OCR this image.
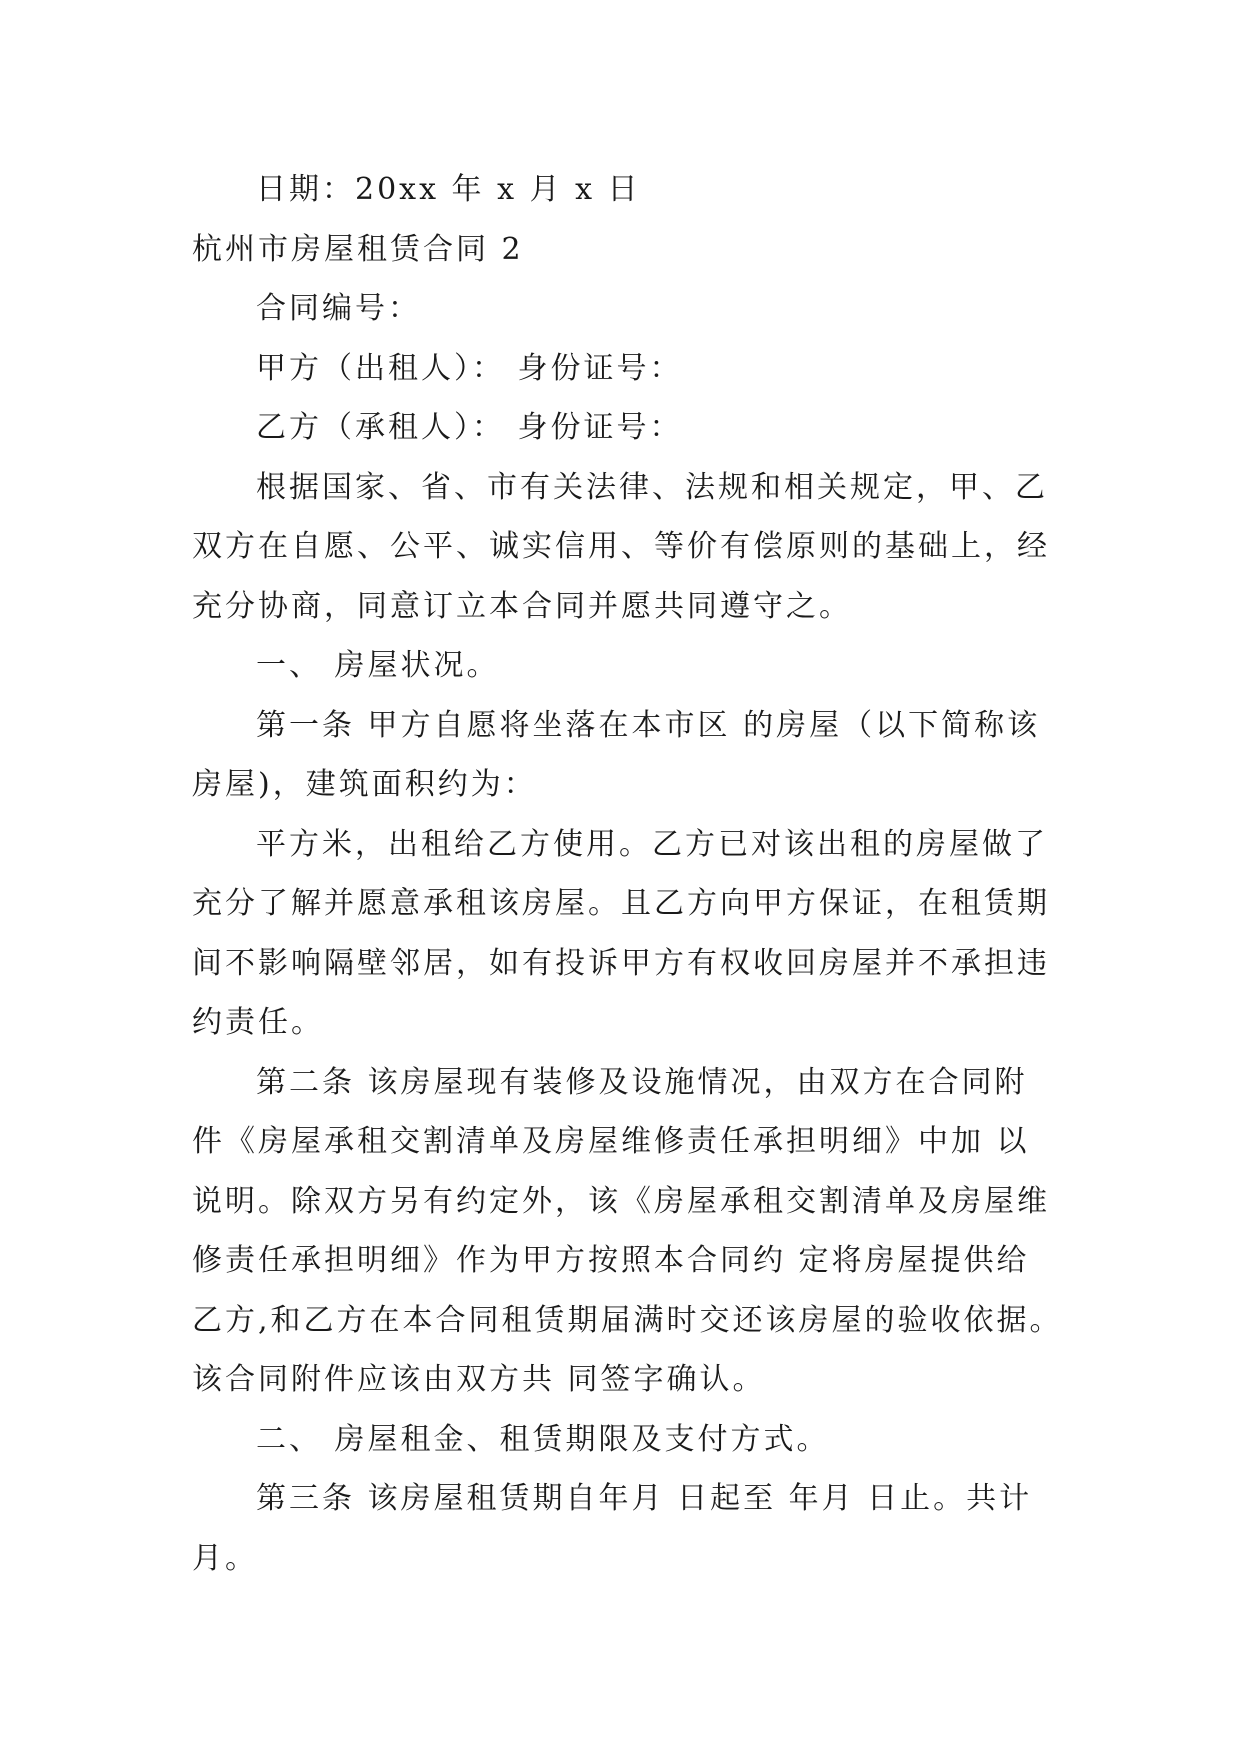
日期：20xx 年 x 月 x 日

杭州市房屋租赁合同 2

合同编号：

甲方（出租人）： 身份证号：

乙方（承租人）： 身份证号：

根据国家、省、市有关法律、法规和相关规定，甲、乙

双方在自愿、公平、诚实信用、等价有偿原则的基础上，经

充分协商，同意订立本合同并愿共同遵守之。

一、 房屋状况。

第一条 甲方自愿将坐落在本市区 的房屋（以下简称该

房屋)，建筑面积约为：

平方米，出租给乙方使用。乙方已对该出租的房屋做了

充分了解并愿意承租该房屋。且乙方向甲方保证，在租赁期

间不影响隔壁邻居，如有投诉甲方有权收回房屋并不承担违

约责任。

第二条 该房屋现有装修及设施情况，由双方在合同附

件《房屋承租交割清单及房屋维修责任承担明细》中加 以

说明。除双方另有约定外，该《房屋承租交割清单及房屋维

修责任承担明细》作为甲方按照本合同约 定将房屋提供给

乙方,和乙方在本合同租赁期届满时交还该房屋的验收依据。

该合同附件应该由双方共 同签字确认。

二、 房屋租金、租赁期限及支付方式。

第三条 该房屋租赁期自年月 日起至 年月 日止。共计

月。
